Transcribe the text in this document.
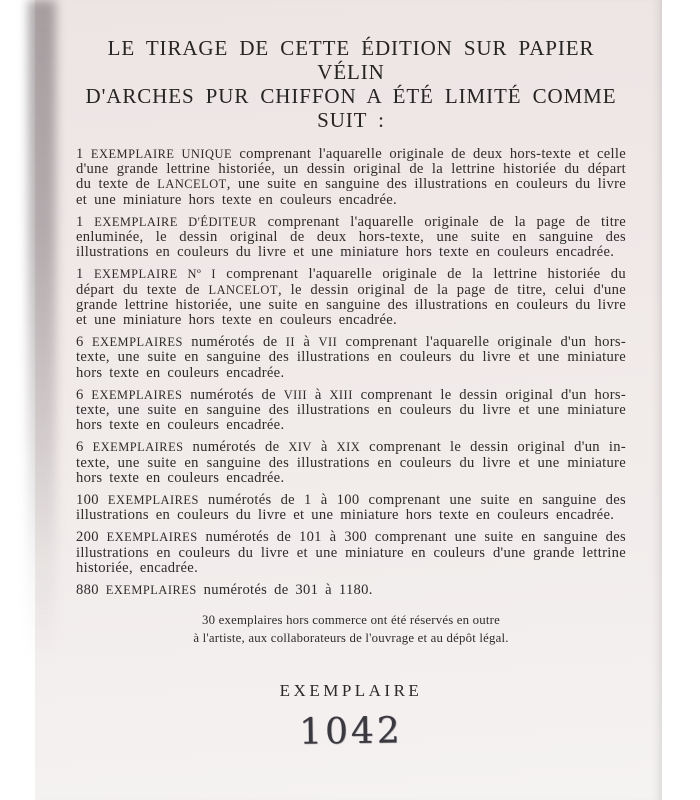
LE TIRAGE DE CETTE ÉDITION SUR PAPIER VÉLIN
D'ARCHES PUR CHIFFON A ÉTÉ LIMITÉ COMME SUIT :

1 EXEMPLAIRE UNIQUE comprenant l'aquarelle originale de deux hors-texte et celle d'une grande lettrine historiée, un dessin original de la lettrine historiée du départ du texte de LANCELOT, une suite en sanguine des illustrations en couleurs du livre et une miniature hors texte en couleurs encadrée.

1 EXEMPLAIRE D'ÉDITEUR comprenant l'aquarelle originale de la page de titre enluminée, le dessin original de deux hors-texte, une suite en sanguine des illustrations en couleurs du livre et une miniature hors texte en couleurs encadrée.

1 EXEMPLAIRE Nº I comprenant l'aquarelle originale de la lettrine historiée du départ du texte de LANCELOT, le dessin original de la page de titre, celui d'une grande lettrine historiée, une suite en sanguine des illustrations en couleurs du livre et une miniature hors texte en couleurs encadrée.

6 EXEMPLAIRES numérotés de II à VII comprenant l'aquarelle originale d'un hors-texte, une suite en sanguine des illustrations en couleurs du livre et une miniature hors texte en couleurs encadrée.

6 EXEMPLAIRES numérotés de VIII à XIII comprenant le dessin original d'un hors-texte, une suite en sanguine des illustrations en couleurs du livre et une miniature hors texte en couleurs encadrée.

6 EXEMPLAIRES numérotés de XIV à XIX comprenant le dessin original d'un in-texte, une suite en sanguine des illustrations en couleurs du livre et une miniature hors texte en couleurs encadrée.

100 EXEMPLAIRES numérotés de 1 à 100 comprenant une suite en sanguine des illustrations en couleurs du livre et une miniature hors texte en couleurs encadrée.

200 EXEMPLAIRES numérotés de 101 à 300 comprenant une suite en sanguine des illustrations en couleurs du livre et une miniature en couleurs d'une grande lettrine historiée, encadrée.

880 EXEMPLAIRES numérotés de 301 à 1180.

30 exemplaires hors commerce ont été réservés en outre
à l'artiste, aux collaborateurs de l'ouvrage et au dépôt légal.
EXEMPLAIRE
1042
